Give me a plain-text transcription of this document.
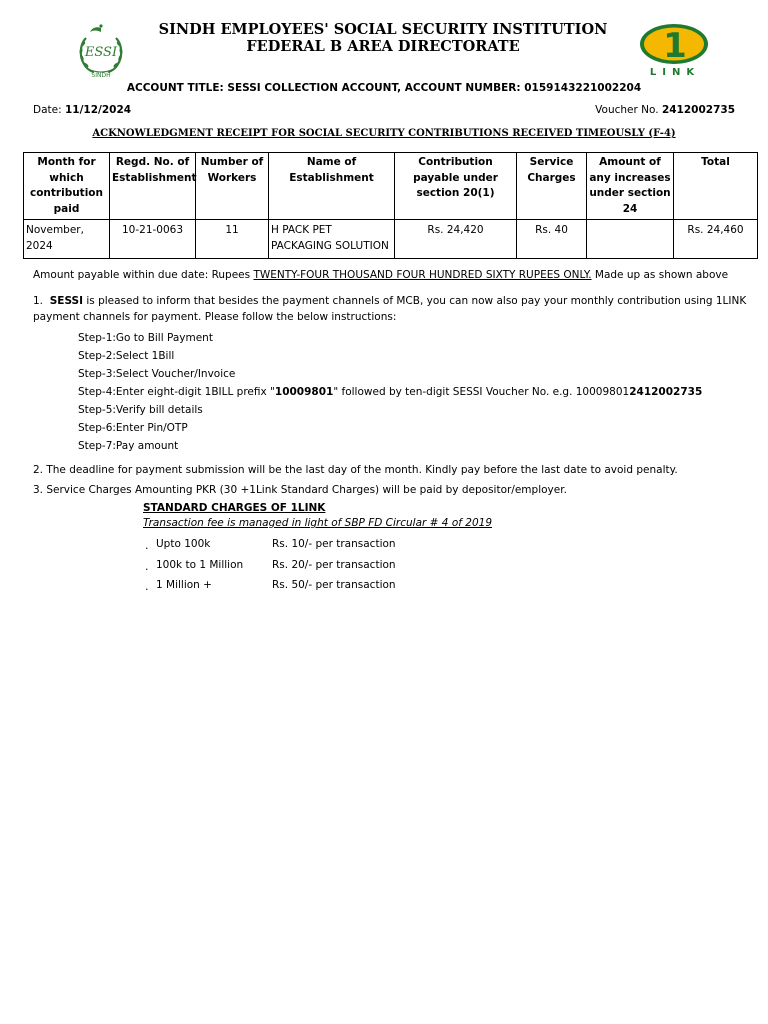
ESSI
SINDH
SINDH EMPLOYEES' SOCIAL SECURITY INSTITUTION
FEDERAL B AREA DIRECTORATE	1
LINK
ACCOUNT TITLE: SESSI COLLECTION ACCOUNT, ACCOUNT NUMBER: 0159143221002204
Date: 11/12/2024	Voucher No. 2412002735
ACKNOWLEDGMENT RECEIPT FOR SOCIAL SECURITY CONTRIBUTIONS RECEIVED TIMEOUSLY (F-4)
Month for which contribution paid	Regd. No. of Establishment	Number of Workers	Name of Establishment	Contribution payable under section 20(1)	Service Charges	Amount of any increases under section 24	Total
November, 2024	10-21-0063	11	H PACK PET PACKAGING SOLUTION	Rs. 24,420	Rs. 40		Rs. 24,460
Amount payable within due date: Rupees TWENTY-FOUR THOUSAND FOUR HUNDRED SIXTY RUPEES ONLY. Made up as shown above
1. SESSI is pleased to inform that besides the payment channels of MCB, you can now also pay your monthly contribution using 1LINK
payment channels for payment. Please follow the below instructions:
Step-1:Go to Bill Payment
Step-2:Select 1Bill
Step-3:Select Voucher/Invoice
Step-4:Enter eight-digit 1BILL prefix "10009801" followed by ten-digit SESSI Voucher No. e.g. 100098012412002735
Step-5:Verify bill details
Step-6:Enter Pin/OTP
Step-7:Pay amount
2. The deadline for payment submission will be the last day of the month. Kindly pay before the last date to avoid penalty.
3. Service Charges Amounting PKR (30 +1Link Standard Charges) will be paid by depositor/employer.
STANDARD CHARGES OF 1LINK
Transaction fee is managed in light of SBP FD Circular # 4 of 2019
. Upto 100k	Rs. 10/- per transaction
. 100k to 1 Million	Rs. 20/- per transaction
. 1 Million +	Rs. 50/- per transaction
